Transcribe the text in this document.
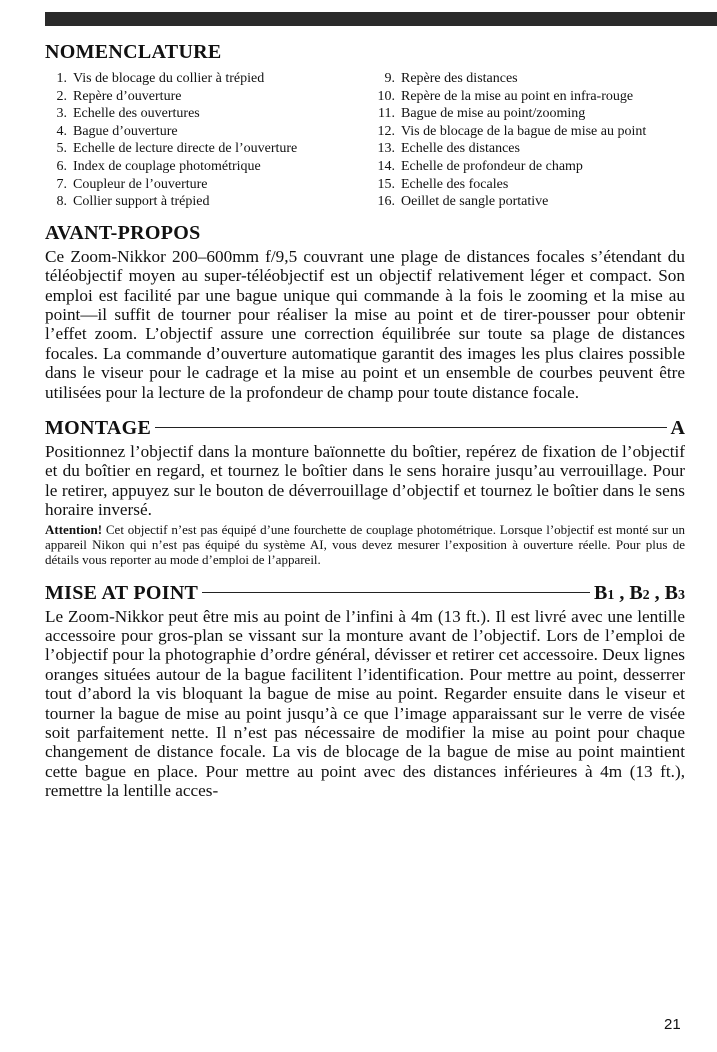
NOMENCLATURE
1. Vis de blocage du collier à trépied
2. Repère d’ouverture
3. Echelle des ouvertures
4. Bague d’ouverture
5. Echelle de lecture directe de l’ouverture
6. Index de couplage photométrique
7. Coupleur de l’ouverture
8. Collier support à trépied
9. Repère des distances
10. Repère de la mise au point en infra-rouge
11. Bague de mise au point/zooming
12. Vis de blocage de la bague de mise au point
13. Echelle des distances
14. Echelle de profondeur de champ
15. Echelle des focales
16. Oeillet de sangle portative
AVANT-PROPOS

Ce Zoom-Nikkor 200–600mm f/9,5 couvrant une plage de distances focales s’étendant du téléobjectif moyen au super-téléobjectif est un objectif relativement léger et compact. Son emploi est facilité par une bague unique qui commande à la fois le zooming et la mise au point—il suffit de tourner pour réaliser la mise au point et de tirer-pousser pour obtenir l’effet zoom. L’objectif assure une correction équilibrée sur toute sa plage de distances focales. La commande d’ouverture automatique garantit des images les plus claires possible dans le viseur pour le cadrage et la mise au point et un ensemble de courbes peuvent être utilisées pour la lecture de la profondeur de champ pour toute distance focale.

MONTAGE	A

Positionnez l’objectif dans la monture baïonnette du boîtier, repérez de fixation de l’objectif et du boîtier en regard, et tournez le boîtier dans le sens horaire jusqu’au verrouillage. Pour le retirer, appuyez sur le bouton de déverrouillage d’objectif et tournez le boîtier dans le sens horaire inversé.

Attention! Cet objectif n’est pas équipé d’une fourchette de couplage photométrique. Lorsque l’objectif est monté sur un appareil Nikon qui n’est pas équipé du système AI, vous devez mesurer l’exposition à ouverture réelle. Pour plus de détails vous reporter au mode d’emploi de l’appareil.

MISE AT POINT	B1 , B2 , B3

Le Zoom-Nikkor peut être mis au point de l’infini à 4m (13 ft.). Il est livré avec une lentille accessoire pour gros-plan se vissant sur la monture avant de l’objectif. Lors de l’emploi de l’objectif pour la photographie d’ordre général, dévisser et retirer cet accessoire. Deux lignes oranges situées autour de la bague facilitent l’identification. Pour mettre au point, desserrer tout d’abord la vis bloquant la bague de mise au point. Regarder ensuite dans le viseur et tourner la bague de mise au point jusqu’à ce que l’image apparaissant sur le verre de visée soit parfaitement nette. Il n’est pas nécessaire de modifier la mise au point pour chaque changement de distance focale. La vis de blocage de la bague de mise au point maintient cette bague en place. Pour mettre au point avec des distances inférieures à 4m (13 ft.), remettre la lentille acces-

21
